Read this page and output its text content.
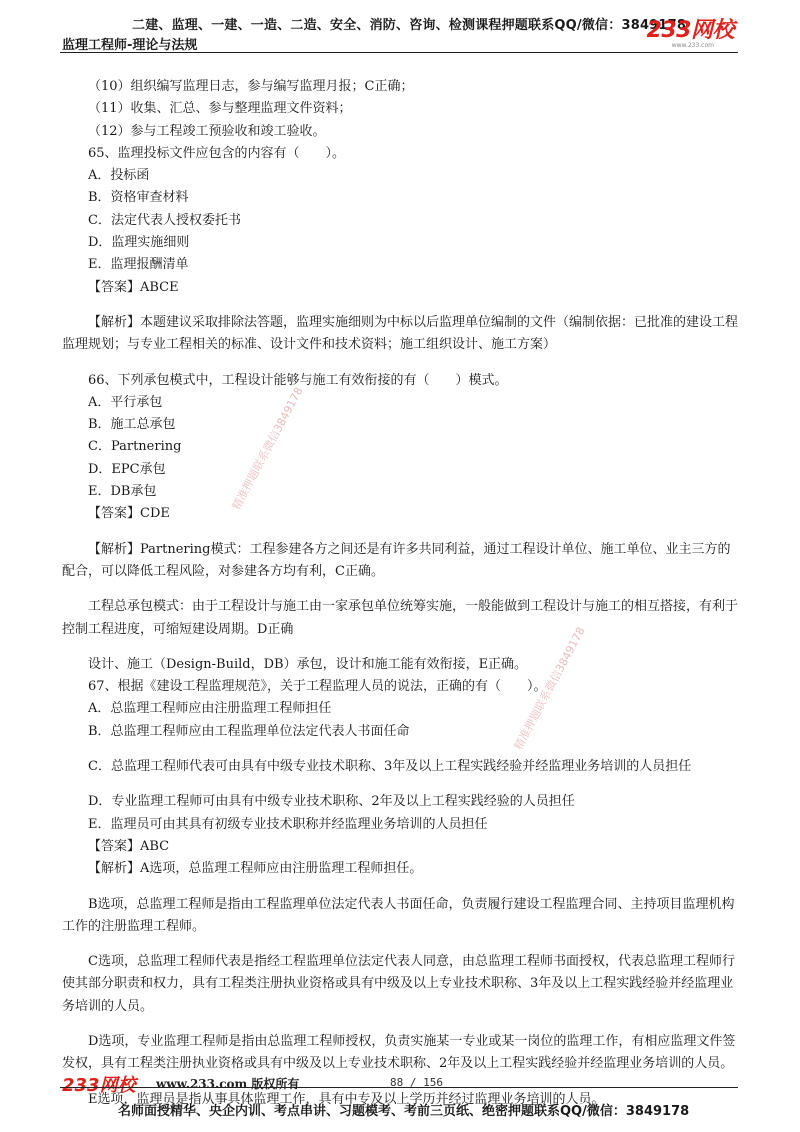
二建、监理、一建、一造、二造、安全、消防、咨询、检测课程押题联系QQ/微信：3849178
监理工程师-理论与法规
233网校
www.233.com
精准押题联系微信3849178
精准押题联系微信3849178

（10）组织编写监理日志，参与编写监理月报；C正确；

（11）收集、汇总、参与整理监理文件资料；

（12）参与工程竣工预验收和竣工验收。

65、监理投标文件应包含的内容有（　　）。

A．投标函

B．资格审查材料

C．法定代表人授权委托书

D．监理实施细则

E．监理报酬清单

【答案】ABCE

【解析】本题建议采取排除法答题，监理实施细则为中标以后监理单位编制的文件（编制依据：已批准的建设工程监理规划；与专业工程相关的标准、设计文件和技术资料；施工组织设计、施工方案）

66、下列承包模式中，工程设计能够与施工有效衔接的有（　　）模式。

A．平行承包

B．施工总承包

C．Partnering

D．EPC承包

E．DB承包

【答案】CDE

【解析】Partnering模式：工程参建各方之间还是有许多共同利益，通过工程设计单位、施工单位、业主三方的配合，可以降低工程风险，对参建各方均有利，C正确。

工程总承包模式：由于工程设计与施工由一家承包单位统筹实施，一般能做到工程设计与施工的相互搭接，有利于控制工程进度，可缩短建设周期。D正确

设计、施工（Design-Build，DB）承包，设计和施工能有效衔接，E正确。

67、根据《建设工程监理规范》，关于工程监理人员的说法，正确的有（　　）。

A．总监理工程师应由注册监理工程师担任

B．总监理工程师应由工程监理单位法定代表人书面任命

C．总监理工程师代表可由具有中级专业技术职称、3年及以上工程实践经验并经监理业务培训的人员担任

D．专业监理工程师可由具有中级专业技术职称、2年及以上工程实践经验的人员担任

E．监理员可由其具有初级专业技术职称并经监理业务培训的人员担任

【答案】ABC

【解析】A选项，总监理工程师应由注册监理工程师担任。

B选项，总监理工程师是指由工程监理单位法定代表人书面任命，负责履行建设工程监理合同、主持项目监理机构工作的注册监理工程师。

C选项，总监理工程师代表是指经工程监理单位法定代表人同意，由总监理工程师书面授权，代表总监理工程师行使其部分职责和权力，具有工程类注册执业资格或具有中级及以上专业技术职称、3年及以上工程实践经验并经监理业务培训的人员。

D选项，专业监理工程师是指由总监理工程师授权，负责实施某一专业或某一岗位的监理工作，有相应监理文件签发权，具有工程类注册执业资格或具有中级及以上专业技术职称、2年及以上工程实践经验并经监理业务培训的人员。

E选项，监理员是指从事具体监理工作，具有中专及以上学历并经过监理业务培训的人员。

233网校 www.233.com 版权所有	88 / 156
名师面授精华、央企内训、考点串讲、习题模考、考前三页纸、绝密押题联系QQ/微信：3849178
